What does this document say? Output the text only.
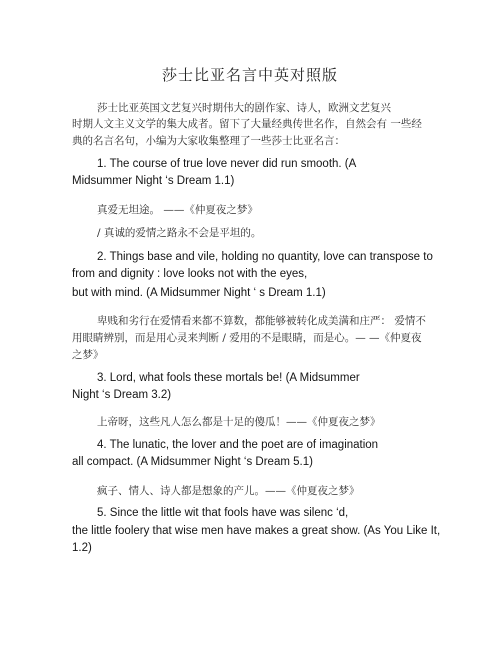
莎士比亚名言中英对照版
莎士比亚英国文艺复兴时期伟大的剧作家、诗人，欧洲文艺复兴
时期人文主义文学的集大成者。留下了大量经典传世名作，自然会有 一些经
典的名言名句，小编为大家收集整理了一些莎士比亚名言：
1. The course of true love never did run smooth. (A
Midsummer Night ‘s Dream 1.1)
真爱无坦途。 ——《仲夏夜之梦》
/ 真诚的爱情之路永不会是平坦的。
2. Things base and vile, holding no quantity, love can transpose to
from and dignity : love looks not with the eyes,
but with mind. (A Midsummer Night ‘ s Dream 1.1)
卑贱和劣行在爱情看来都不算数，都能够被转化成美满和庄严： 爱情不
用眼睛辨别，而是用心灵来判断 / 爱用的不是眼睛，而是心。— —《仲夏夜
之梦》
3. Lord, what fools these mortals be! (A Midsummer
Night ‘s Dream 3.2)
上帝呀，这些凡人怎么都是十足的傻瓜！——《仲夏夜之梦》
4. The lunatic, the lover and the poet are of imagination
all compact. (A Midsummer Night ‘s Dream 5.1)
疯子、情人、诗人都是想象的产儿。——《仲夏夜之梦》
5. Since the little wit that fools have was silenc ‘d,
the little foolery that wise men have makes a great show. (As You Like It,
1.2)
